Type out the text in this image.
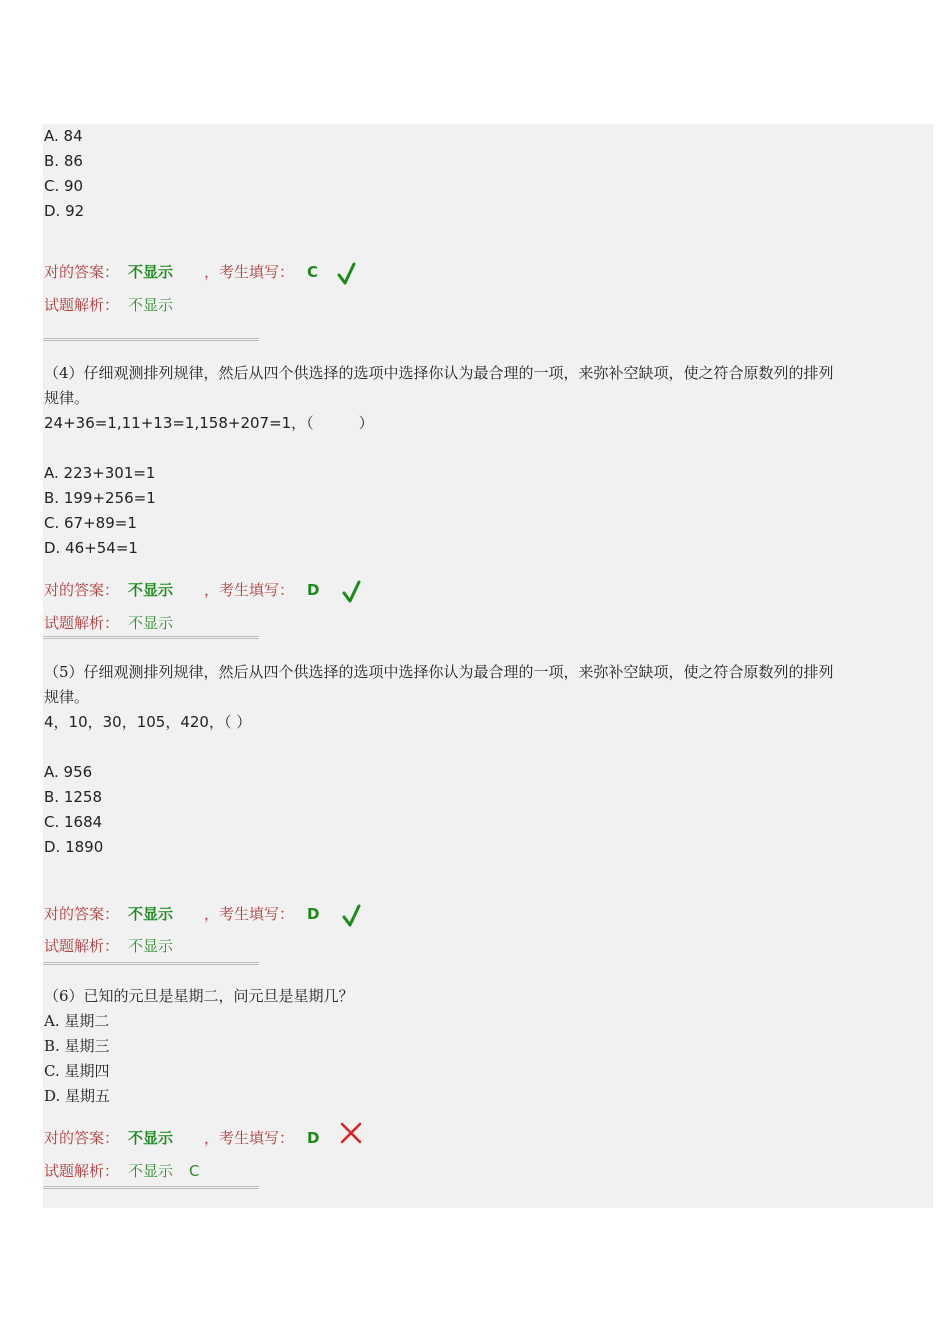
A. 84
B. 86
C. 90
D. 92
对的答案： 不显示 ，考生填写： C
试题解析： 不显示
（4）仔细观测排列规律，然后从四个供选择的选项中选择你认为最合理的一项，来弥补空缺项，使之符合原数列的排列
规律。
24+36=1,11+13=1,158+207=1，（　　　）
A. 223+301=1
B. 199+256=1
C. 67+89=1
D. 46+54=1
对的答案： 不显示 ，考生填写： D
试题解析： 不显示
（5）仔细观测排列规律，然后从四个供选择的选项中选择你认为最合理的一项，来弥补空缺项，使之符合原数列的排列
规律。
4，10，30，105，420，（ ）
A. 956
B. 1258
C. 1684
D. 1890
对的答案： 不显示 ，考生填写： D
试题解析： 不显示
（6）已知的元旦是星期二，问元旦是星期几？
A. 星期二
B. 星期三
C. 星期四
D. 星期五
对的答案： 不显示 ，考生填写： D
试题解析： 不显示 C
